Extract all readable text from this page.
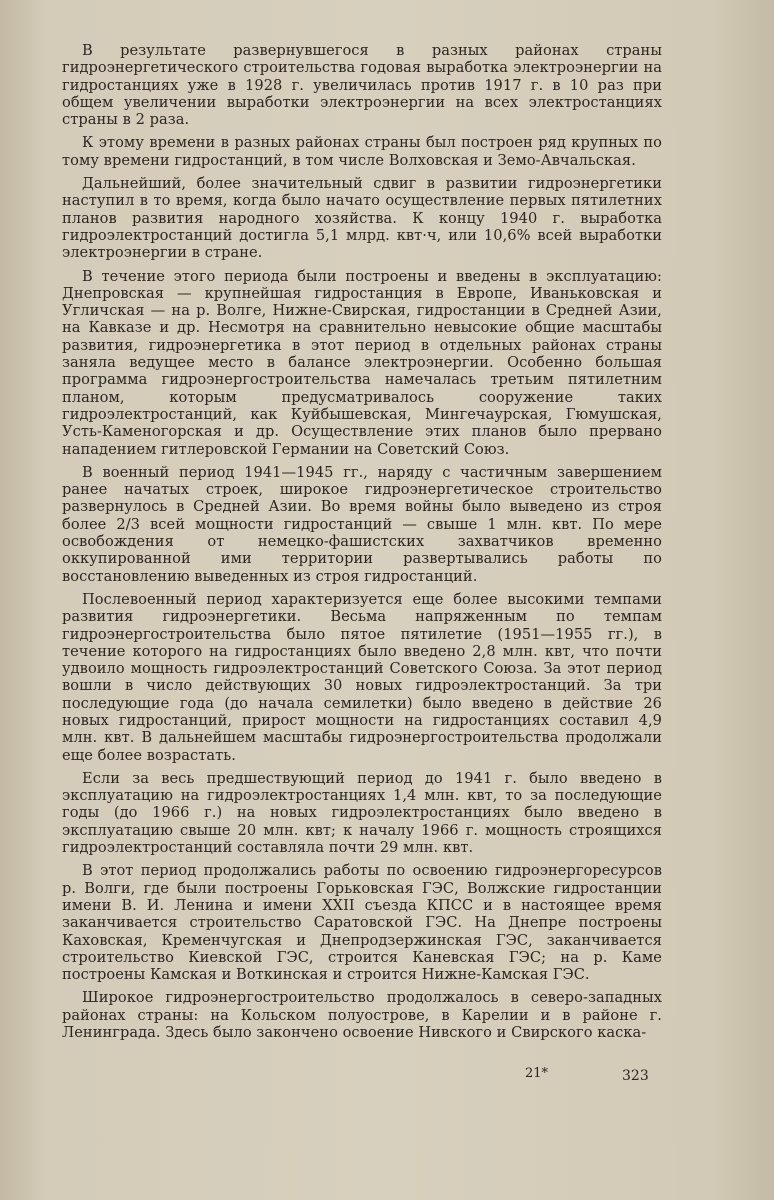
В результате развернувшегося в разных районах страны гидроэнергетического строительства годовая выработка электроэнергии на гидростанциях уже в 1928 г. увеличилась против 1917 г. в 10 раз при общем увеличении выработки электроэнергии на всех электростанциях страны в 2 раза.

К этому времени в разных районах страны был построен ряд крупных по тому времени гидростанций, в том числе Волховская и Земо-Авчальская.

Дальнейший, более значительный сдвиг в развитии гидроэнергетики наступил в то время, когда было начато осуществление первых пятилетних планов развития народного хозяйства. К концу 1940 г. выработка гидроэлектростанций достигла 5,1 млрд. квт·ч, или 10,6% всей выработки электроэнергии в стране.

В течение этого периода были построены и введены в эксплуатацию: Днепровская — крупнейшая гидростанция в Европе, Иваньковская и Угличская — на р. Волге, Нижне-Свирская, гидростанции в Средней Азии, на Кавказе и др. Несмотря на сравнительно невысокие общие масштабы развития, гидроэнергетика в этот период в отдельных районах страны заняла ведущее место в балансе электроэнергии. Особенно большая программа гидроэнергостроительства намечалась третьим пятилетним планом, которым предусматривалось сооружение таких гидроэлектростанций, как Куйбышевская, Мингечаурская, Гюмушская, Усть-Каменогорская и др. Осуществление этих планов было прервано нападением гитлеровской Германии на Советский Союз.

В военный период 1941—1945 гг., наряду с частичным завершением ранее начатых строек, широкое гидроэнергетическое строительство развернулось в Средней Азии. Во время войны было выведено из строя более 2/3 всей мощности гидростанций — свыше 1 млн. квт. По мере освобождения от немецко-фашистских захватчиков временно оккупированной ими территории развертывались работы по восстановлению выведенных из строя гидростанций.

Послевоенный период характеризуется еще более высокими темпами развития гидроэнергетики. Весьма напряженным по темпам гидроэнергостроительства было пятое пятилетие (1951—1955 гг.), в течение которого на гидростанциях было введено 2,8 млн. квт, что почти удвоило мощность гидроэлектростанций Советского Союза. За этот период вошли в число действующих 30 новых гидроэлектростанций. За три последующие года (до начала семилетки) было введено в действие 26 новых гидростанций, прирост мощности на гидростанциях составил 4,9 млн. квт. В дальнейшем масштабы гидроэнергостроительства продолжали еще более возрастать.

Если за весь предшествующий период до 1941 г. было введено в эксплуатацию на гидроэлектростанциях 1,4 млн. квт, то за последующие годы (до 1966 г.) на новых гидроэлектростанциях было введено в эксплуатацию свыше 20 млн. квт; к началу 1966 г. мощность строящихся гидроэлектростанций составляла почти 29 млн. квт.

В этот период продолжались работы по освоению гидроэнергоресурсов р. Волги, где были построены Горьковская ГЭС, Волжские гидростанции имени В. И. Ленина и имени XXII съезда КПСС и в настоящее время заканчивается строительство Саратовской ГЭС. На Днепре построены Каховская, Кременчугская и Днепродзержинская ГЭС, заканчивается строительство Киевской ГЭС, строится Каневская ГЭС; на р. Каме построены Камская и Воткинская и строится Нижне-Камская ГЭС.

Широкое гидроэнергостроительство продолжалось в северо-западных районах страны: на Кольском полуострове, в Карелии и в районе г. Ленинграда. Здесь было закончено освоение Нивского и Свирского каска-

21*	323
